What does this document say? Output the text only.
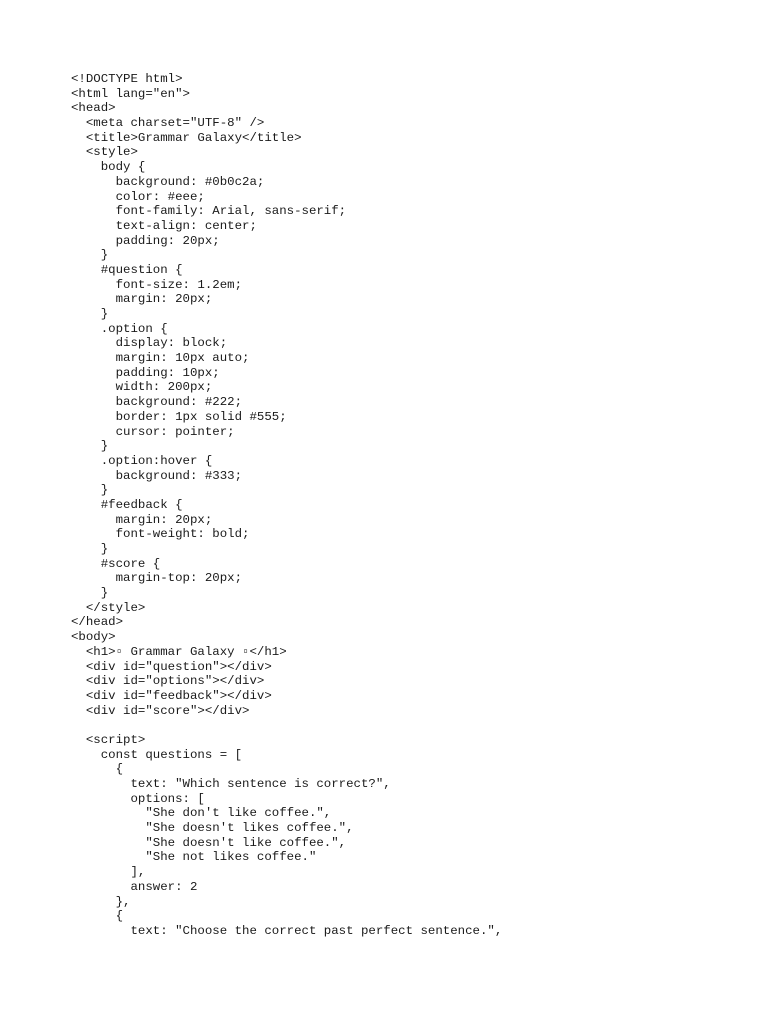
<!DOCTYPE html>
<html lang="en">
<head>
<meta charset="UTF-8" />
<title>Grammar Galaxy</title>
<style>
body {
background: #0b0c2a;
color: #eee;
font-family: Arial, sans-serif;
text-align: center;
padding: 20px;
}
#question {
font-size: 1.2em;
margin: 20px;
}
.option {
display: block;
margin: 10px auto;
padding: 10px;
width: 200px;
background: #222;
border: 1px solid #555;
cursor: pointer;
}
.option:hover {
background: #333;
}
#feedback {
margin: 20px;
font-weight: bold;
}
#score {
margin-top: 20px;
}
</style>
</head>
<body>
<h1>▫ Grammar Galaxy ▫</h1>
<div id="question"></div>
<div id="options"></div>
<div id="feedback"></div>
<div id="score"></div>
<script>
const questions = [
{
text: "Which sentence is correct?",
options: [
"She don't like coffee.",
"She doesn't likes coffee.",
"She doesn't like coffee.",
"She not likes coffee."
],
answer: 2
},
{
text: "Choose the correct past perfect sentence.",
